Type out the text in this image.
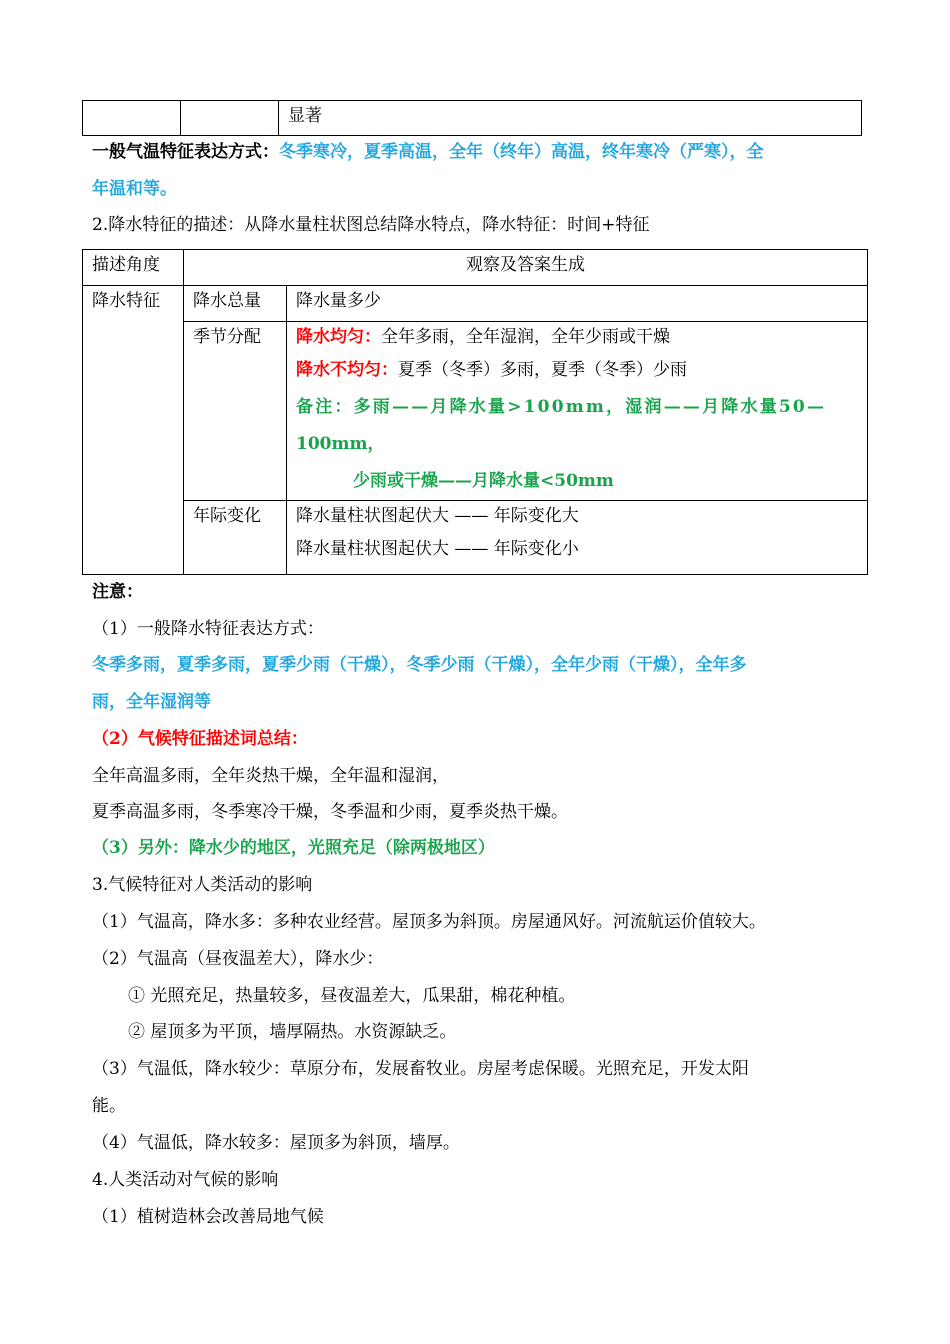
显著
一般气温特征表达方式：冬季寒冷，夏季高温，全年（终年）高温，终年寒冷（严寒），全
年温和等。
2.降水特征的描述：从降水量柱状图总结降水特点，降水特征：时间+特征
描述角度	观察及答案生成	

降水特征	降水总量	降水量多少

	季节分配	降水均匀：全年多雨，全年湿润，全年少雨或干燥
降水不均匀：夏季（冬季）多雨，夏季（冬季）少雨
备注：多雨——月降水量>100mm，湿润——月降水量50—
100mm，
少雨或干燥——月降水量<50mm

	年际变化	降水量柱状图起伏大 —— 年际变化大
降水量柱状图起伏大 —— 年际变化小
注意：
（1）一般降水特征表达方式：
冬季多雨，夏季多雨，夏季少雨（干燥），冬季少雨（干燥），全年少雨（干燥），全年多
雨，全年湿润等
（2）气候特征描述词总结：
全年高温多雨，全年炎热干燥，全年温和湿润，
夏季高温多雨，冬季寒冷干燥，冬季温和少雨，夏季炎热干燥。
（3）另外：降水少的地区，光照充足（除两极地区）
3.气候特征对人类活动的影响
（1）气温高，降水多：多种农业经营。屋顶多为斜顶。房屋通风好。河流航运价值较大。
（2）气温高（昼夜温差大），降水少：
① 光照充足，热量较多，昼夜温差大，瓜果甜，棉花种植。
② 屋顶多为平顶，墙厚隔热。水资源缺乏。
（3）气温低，降水较少：草原分布，发展畜牧业。房屋考虑保暖。光照充足，开发太阳
能。
（4）气温低，降水较多：屋顶多为斜顶，墙厚。
4.人类活动对气候的影响
（1）植树造林会改善局地气候
